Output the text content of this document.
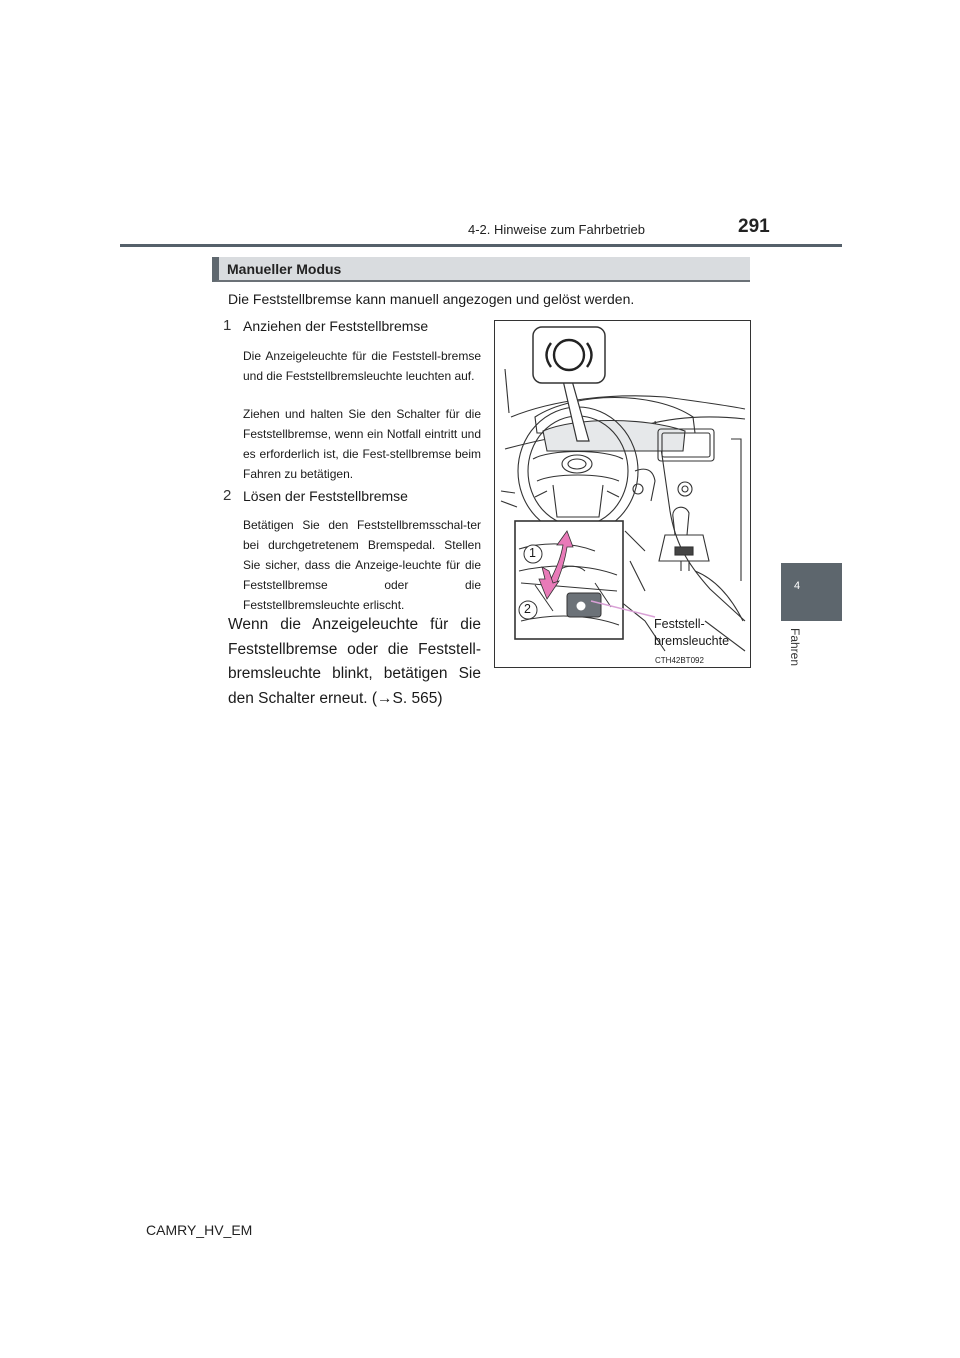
4-2. Hinweise zum Fahrbetrieb	291
4
Fahren
Manueller Modus
Die Feststellbremse kann manuell angezogen und gelöst werden.
1 Anziehen der Feststellbremse
Die Anzeigeleuchte für die Feststell-bremse und die Feststellbremsleuchte leuchten auf.
Ziehen und halten Sie den Schalter für die Feststellbremse, wenn ein Notfall eintritt und es erforderlich ist, die Fest-stellbremse beim Fahren zu betätigen.
2 Lösen der Feststellbremse
Betätigen Sie den Feststellbremsschal-ter bei durchgetretenem Bremspedal. Stellen Sie sicher, dass die Anzeige-leuchte für die Feststellbremse oder die Feststellbremsleuchte erlischt.
Wenn die Anzeigeleuchte für die Feststellbremse oder die Feststell-bremsleuchte blinkt, betätigen Sie den Schalter erneut. (→S. 565)
1
2
Feststell-
bremsleuchte
CTH42BT092
CAMRY_HV_EM
